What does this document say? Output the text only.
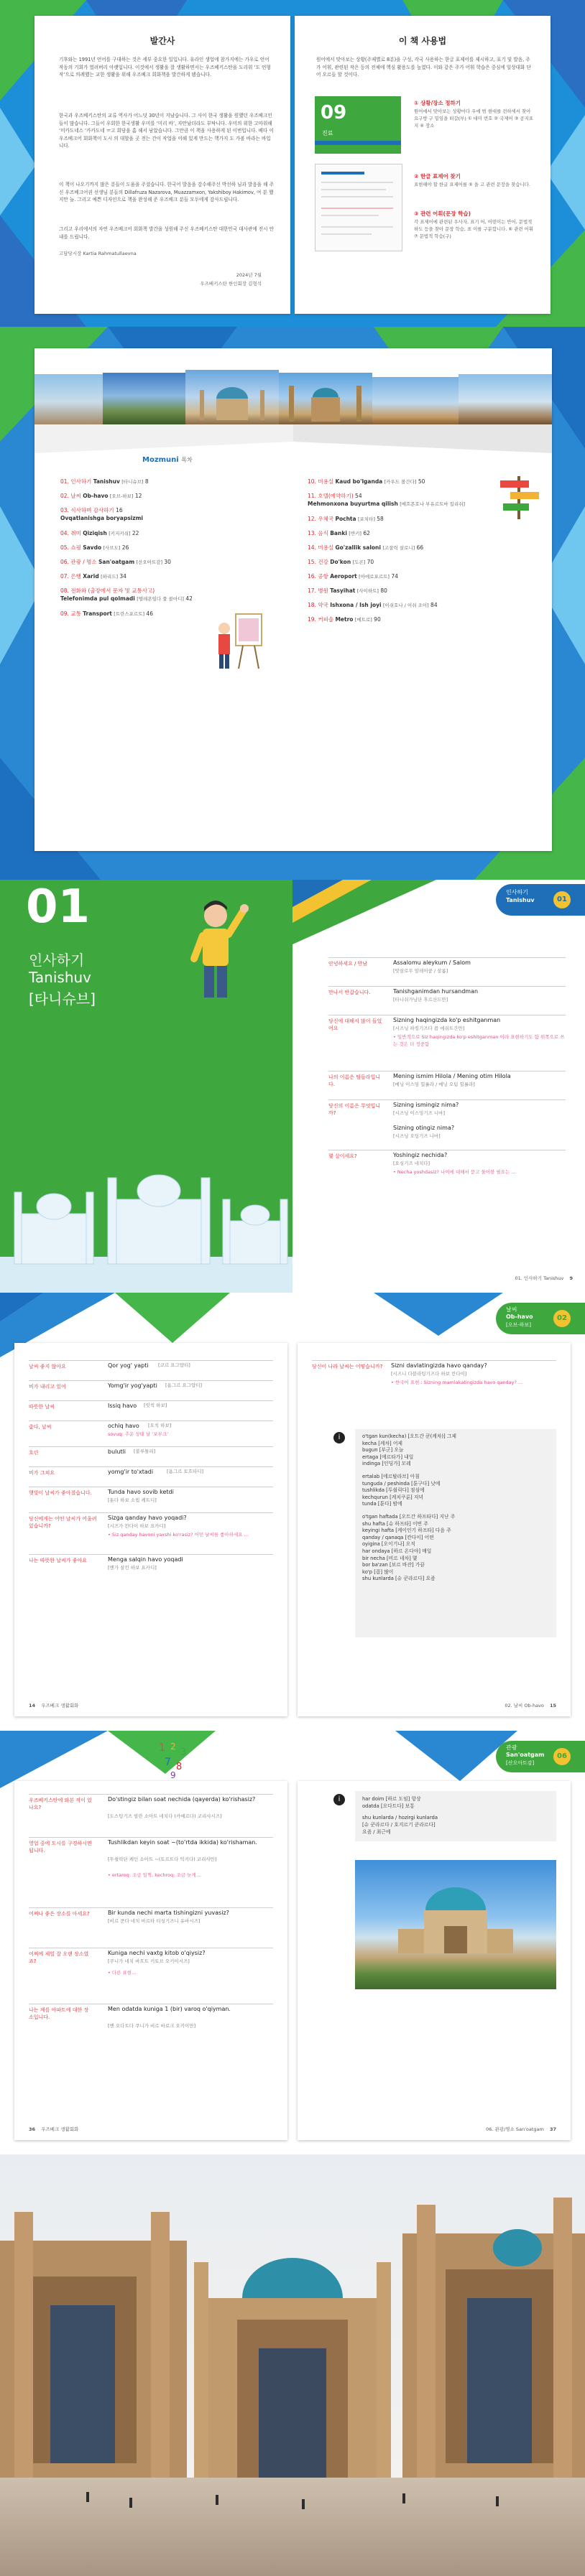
발간사
기후와는 1991년 언어를 구대하는 것은 세부 중요한 일입니다. 유라인 생업에 참가지에는 가우로 언어 작동의 기회가 열려버리 아랫입니다. 이것에서 생활을 잘 생활하면서는 우즈베키스탄을 도리워 ‘도 언형작’으로 의례했는 교한 생활을 위해 우즈베크 회화책을 발간하게 됐습니다.
한국과 우즈베키스탄의 교류 역사가 어느덧 30년이 지났습니다. 그 사이 한국 생활을 원했던 우즈베크인들이 많습니다. 그들이 우회한 한국생활 우미를 ‘미리 바’, 자만났더라도 부탁니다. 우미의 위한 고마워해 ‘미카도네스 ‘카카도네 ㅠ고 회담을 홈 해서 남았습니다. 그만큼 이 책을 사용하게 된 이번입니다. 베다 이 우즈베크어 회화책이 도시 의 대할을 곳 전는 간이 작업을 이해 있게 만드는 핵가지 도 가볼 바라는 바입니다.
이 책이 나오기까지 많은 분들이 도움을 주셨습니다. 한국어 발음을 감수해주신 박선하 님과 발음을 해 주신 우즈베크어권 선생님 분들의 Dillafruza Nazarova, Muazzamxon, Yakshiboy Hakimov, 여 분 했지만 늘. 그리고 예쁜 디자인으로 책을 완성해 준 우즈베크 분들 모두에게 감사드립니다.
그리고 우리에서의 자연 우즈베크어 회화책 발간을 성원해 주신 우즈베키스탄 대한민국 대사관에 진시 안내를 드립니다.
고담당시장 Kartia Rahmatullaevna
2024년 7월
우즈베키스탄 한인회장 김형석
이 책 사용법
원어에서 맞아보는 상황(주제별로 8분)을 구성, 각국 사용하는 한글 표제어를 제시하고, 표기 및 발음, 주가 어휘, 관련된 작은 등의 전체에 핵심 활용도를 높였다. 이와 같은 주가 어휘 학습은 중심에 일상대화 단어 오르들 할 것이다.
09
진료
① 상황/장소 정하기
원어에서 맞아보는 상황마다 우에 범 현대를 전하세서 찾아 요구방 구 밑임을 떠갈(부) ① 대미 번호 ② 국제어 ③ 공지표지 ④ 장소
② 한글 표제어 찾기
표현해야 할 한글 표제어를 ⑤ 을 고 관련 문장을 찾습니다.
③ 관련 어휘(문장 학습)
각 표제어에 관련된 우사자, 표기 어, 어떤이는 반어, 문법적 하도 등을 찾아 문장 학습, 표 이를 구분합니다. ⑥ 관련 어휘 ⑦ 문법적 학습(구)
Mozmuni 목차
01. 인사하기 Tanishuv [타니슈브] 8
02. 날씨 Ob-havo [오브-하보] 12
03. 식사하며 감사하기 16
Ovqatlanishga boryapsizmi
04. 취미 Qiziqish [키지키쉬] 22
05. 쇼핑 Savdo [사브도] 26
06. 관광 / 명소 San'oatgam [산오아트감] 30
07. 은행 Xarid [하리드] 34
08. 전화와 (출장에서 문자 및 교통사고)
Telefonimda pul qolmadi [텔레폰임다 풀 콜마디] 42
09. 교통 Transport [트란스포르트] 46
10. 미용실 Kaud bo'lganda [카우드 볼간다] 50
11. 호텔(예약하기) 54
Mehmonxona buyurtma qilish [메흐몬호나 부유르트마 킬리쉬]
12. 우체국 Pochta [포치타] 58
13. 음식 Banki [반키] 62
14. 미용실 Go'zallik saloni [고잘릭 살로니] 66
15. 건강 Do'kon [도콘] 70
16. 공항 Aeroport [아에로포르트] 74
17. 병원 Tasyihat [사이하트] 80
18. 약국 Ishxona / Ish joyi [이쉬호나 / 이쉬 조이] 84
19. 커피숍 Metro [메트로] 90
01
인사하기
Tanishuv
[타니슈브]
인사하기
Tanishuv	01
안녕하세요 / 만남	Assalomu aleykum / Salom
[앗살로무 알레이쿰 / 살롬]
만나서 반갑습니다.	Tanishganimdan hursandman
[타니쉬가님단 후르산드만]
당신에 대해서 많이 들었어요
Sizning haqingizda ko'p eshitganman
[시즈닝 하킹기즈다 콥 에쉬트간만]
• 일반적으로 Siz haqingizda ko'p eshitganman 이라 표현하기도 함 위쪽으로 쓰는 것은 더 정중함
나의 이름은 팀들라입니다.
Mening ismim Hilola / Mening otim Hilola
[메닝 이스밈 힐롤라 / 메닝 오팀 힐롤라]
당신의 이름은 무엇입니까?
Sizning ismingiz nima?
[시즈닝 이스밍기즈 니마]
Sizning otingiz nima?
[시즈닝 오팅기즈 니마]
몇 살이세요?	Yoshingiz nechida?
[요싱기즈 네치다]
• Necha yoshdasiz? 나이에 대해서 묻고 물어볼 필요는 ...
01. 인사하기 Tanishuv 9
날씨
Ob-havo
[오브-하보]
02
날씨 좋지 않아요	Qor yog' yapti	[코르 요그얍티]
비가 내리고 있어	Yomg'ir yog'yapti	[욤그르 요그얍티]
따뜻한 날씨	Issiq havo	[잇씩 하보]
춥다, 날씨	ochiq havo	[오칙 하보]
sovuq: 추운 상태 날 ‘보부크’
흐린	bulutli	[불루틀리]
비가 그쳐요	yomg'ir to'xtadi	[욤그르 토흐타디]
햇빛이 날씨가 좋아졌습니다.	Tunda havo sovib ketdi
[툰다 하보 소빕 케트디]
당신에게는 어떤 날씨가 어울려 있습니까?
Sizga qanday havo yoqadi?
[시즈가 칸다이 하보 요카디]
• Siz qanday havoni yaxshi ko'rasiz? 어떤 날씨를 좋아하세요 ...
나는 따뜻한 날씨가 좋아요	Menga salqin havo yoqadi
[멘가 살킨 하보 요카디]
14 우즈베크 생활회화
당신이 나라 날씨는 어떻습니까? Sizni davlatingizda havo qanday?
[시즈니 다블라팅기즈다 하보 칸다이]
• 한국어 표현 : Sizning mamlakatingizda havo qanday? ...
i	o'tgan kun(kecha) [오트간 쿤(케차)] 그제
kecha [케차] 어제
bugun [부군] 오늘
ertaga [에르타가] 내일
indinga [인딩가] 모레
ertalab [에르탈라브] 아침
tunguda / peshinda [툰구다] 낮에
tushlikda [투쉴릭다] 점심에
kechqurun [케치쿠룬] 저녁
tunda [툰다] 밤에
o'tgan haftada [오트간 하프타다] 지난 주
shu hafta [슈 하프타] 이번 주
keyingi hafta [케이인기 하프타] 다음 주
qanday / qanaqa [칸다이] 어떤
oyigina [오이기나] 오직
har ondaya [하르 온다야] 매일
bir necha [비르 네차] 몇
bor ba'zan [보르 바잔] 가끔
ko'p [콥] 많이
shu kunlarda [슈 쿤라르다] 요즘
02. 날씨 Ob-havo 15
1 2
3
7 8
9
관광
San'oatgam
[산오아트감]
06
우즈베키스탄에 와본 적이 있나요?
Do'stingiz bilan soat nechida (qayerda) ko'rishasiz?
[도스팅기즈 빌란 소아트 네치다 (카예르다) 코리샤시즈]
영업 중에 도시를 구경하시면 됩니다.
Tushlikdan keyin soat ~(to'rtda ikkida) ko'rishaman.
[투쉴릭단 케인 소아트 ~(토르트다 익키다) 코리샤만]
• ertaroq: 조금 일찍, kechroq: 조금 늦게 ...
어쩌나 좋은 장소를 아세요?	Bir kunda nechi marta tishingizni yuvasiz?
[비르 쿤다 네치 마르타 티싱기즈니 유바시즈]
어쩌에 제일 잘 오랜 장소였죠?
Kunigа nechi vaxtg kitob o'qiysiz?
[쿠니가 네치 바흐트 키토브 오키이시즈]
• 다른 표현...
나는 제를 아파트에 대한 장소입니다.
Men odatda kuniga 1 (bir) varoq o'qiyman.
[멘 오다트다 쿠니가 비르 바로크 오키이만]
36 우즈베크 생활회화
i	har doim [하르 도임] 항상
odatda [오다트다] 보통
shu kunlarda / hozirgi kunlarda
[슈 쿤라르다 / 호지르기 쿤라르다]
요즘 / 최근에
06. 관광/명소 San'oatgam 37
